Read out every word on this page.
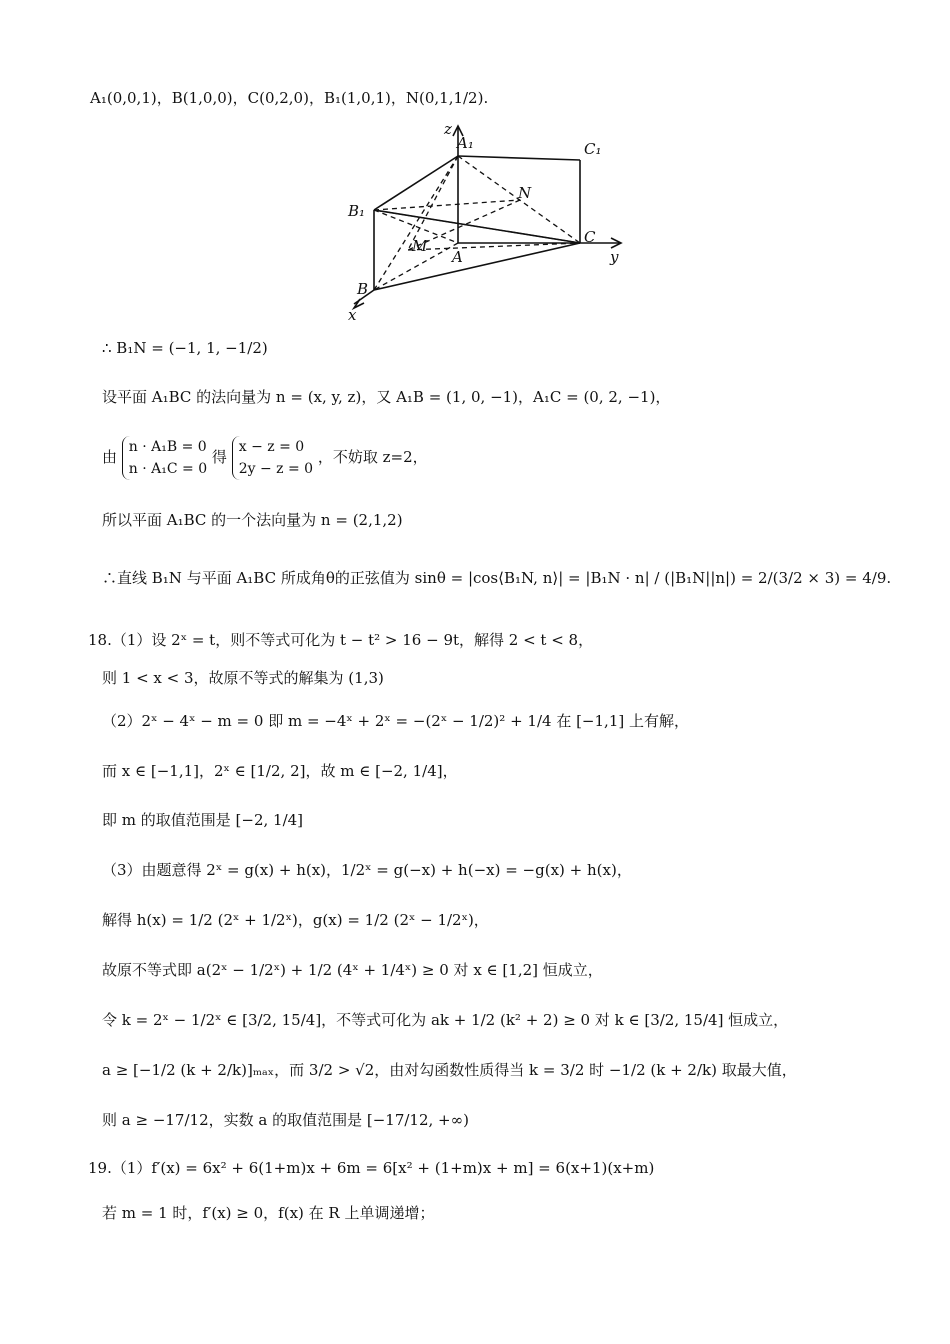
A₁(0,0,1)，B(1,0,0)，C(0,2,0)，B₁(1,0,1)，N(0,1,1/2).
z
y
x
A₁	C₁
B₁
N
M
A
C
B
∴ B₁N = (−1, 1, −1/2)
设平面 A₁BC 的法向量为 n = (x, y, z)，又 A₁B = (1, 0, −1)，A₁C = (0, 2, −1)，
由
n · A₁B = 0
n · A₁C = 0
得
x − z = 0
2y − z = 0
，不妨取 z=2，
所以平面 A₁BC 的一个法向量为 n = (2,1,2)
∴直线 B₁N 与平面 A₁BC 所成角θ的正弦值为 sinθ = |cos⟨B₁N, n⟩| = |B₁N · n| / (|B₁N||n|) = 2/(3/2 × 3) = 4/9.
18.（1）设 2ˣ = t，则不等式可化为 t − t² > 16 − 9t，解得 2 < t < 8，
则 1 < x < 3，故原不等式的解集为 (1,3)
（2）2ˣ − 4ˣ − m = 0 即 m = −4ˣ + 2ˣ = −(2ˣ − 1/2)² + 1/4 在 [−1,1] 上有解，
而 x ∈ [−1,1]，2ˣ ∈ [1/2, 2]，故 m ∈ [−2, 1/4]，
即 m 的取值范围是 [−2, 1/4]
（3）由题意得 2ˣ = g(x) + h(x)，1/2ˣ = g(−x) + h(−x) = −g(x) + h(x)，
解得 h(x) = 1/2 (2ˣ + 1/2ˣ)，g(x) = 1/2 (2ˣ − 1/2ˣ)，
故原不等式即 a(2ˣ − 1/2ˣ) + 1/2 (4ˣ + 1/4ˣ) ≥ 0 对 x ∈ [1,2] 恒成立，
令 k = 2ˣ − 1/2ˣ ∈ [3/2, 15/4]，不等式可化为 ak + 1/2 (k² + 2) ≥ 0 对 k ∈ [3/2, 15/4] 恒成立，
a ≥ [−1/2 (k + 2/k)]ₘₐₓ，而 3/2 > √2，由对勾函数性质得当 k = 3/2 时 −1/2 (k + 2/k) 取最大值，
则 a ≥ −17/12，实数 a 的取值范围是 [−17/12, +∞)
19.（1）f′(x) = 6x² + 6(1+m)x + 6m = 6[x² + (1+m)x + m] = 6(x+1)(x+m)
若 m = 1 时，f′(x) ≥ 0，f(x) 在 R 上单调递增；
